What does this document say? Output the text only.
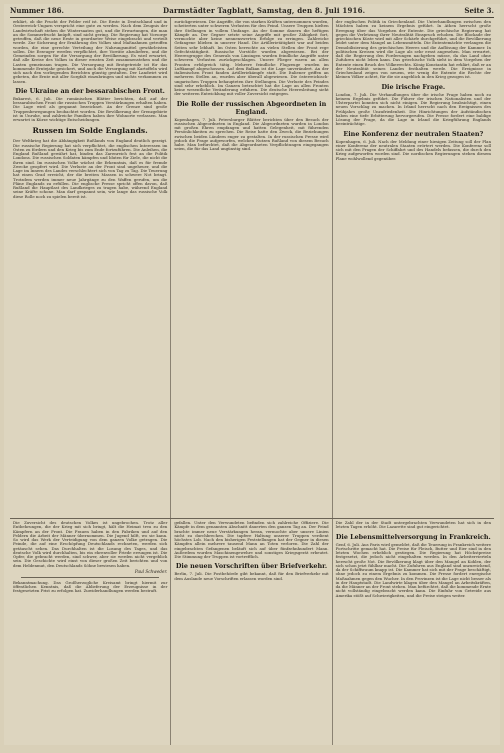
Nummer 186.	Darmstädter Tagblatt, Samstag, den 8. Juli 1916.	Seite 3.

erklärt, ob die Frucht der Felder reif ist. Die Ernte in Deutschland und in Oesterreich-Ungarn verspricht eine gute zu werden. Nach dem Zeugnis der Landwirtschaft stehen die Wintersaaten gut, und die Erwartungen, die man an die Sommerfrucht knüpft, sind nicht gering. Die Regierung hat Vorsorge getroffen, daß die neue Ernte in geordneter Weise eingebracht und verteilt werde. Zur Sicherung der Ernährung des Volkes sind Maßnahmen getroffen worden, die eine gerechte Verteilung der Nahrungsmittel gewährleisten sollen. Die Erzeuger werden verpflichtet, ihre Vorräte abzuliefern, und die Gemeinden sorgen für die Versorgung der Bevölkerung. Es wird erwartet, daß alle Kreise des Volkes in dieser ernsten Zeit zusammenstehen und die Lasten gemeinsam tragen. Die Versorgung mit Brotgetreide ist für das kommende Erntejahr gesichert, und auch die Versorgung mit Kartoffeln wird sich nach den vorliegenden Berichten günstig gestalten. Der Landwirt wird gebeten, die Ernte mit aller Sorgfalt einzubringen und nichts verkommen zu lassen.

Die Ukraine an der bessarabischen Front.

Bukarest, 6. Juli. Die rumänischen Blätter berichten, daß auf der bessarabischen Front die russischen Truppen Verstärkungen erhalten haben. Die Lage wird als gespannt bezeichnet. An der Grenze sind große Truppenbewegungen beobachtet worden. Die Bevölkerung der Grenzgebiete ist in Unruhe, und zahlreiche Familien haben ihre Wohnorte verlassen. Man erwartet in Kürze wichtige Entscheidungen.

Russen im Solde Englands.

Der Weltkrieg hat die Abhängigkeit Rußlands von England deutlich gezeigt. Die russische Regierung hat sich verpflichtet, die englischen Interessen im Osten zu fördern und den Krieg bis zum Ende fortzuführen. Die Anleihen, die England Rußland gewährt hat, binden das Zarenreich fest an die Politik Londons. Die russischen Soldaten kämpfen und bluten für Ziele, die nicht die ihren sind. Im russischen Volke wächst die Erkenntnis, daß es für fremde Zwecke geopfert wird. Die Verluste an der Front sind ungeheuer, und die Lage im Innern des Landes verschlechtert sich von Tag zu Tag. Die Teuerung hat einen Grad erreicht, der die breiten Massen in schwere Not bringt. Trotzdem werden immer neue Jahrgänge zu den Waffen gerufen, um die Pläne Englands zu erfüllen. Die englische Presse spricht offen davon, daß Rußland die Hauptlast des Landkrieges zu tragen habe, während England seine Kräfte schone. Man darf gespannt sein, wie lange das russische Volk diese Rolle noch zu spielen bereit ist.

zurückgewiesen. Die Angriffe, die von starken Kräften unternommen wurden, scheiterten unter schweren Verlusten für den Feind. Unsere Truppen hielten ihre Stellungen in vollem Umfange. An der Somme dauern die heftigen Kämpfe an. Der Gegner setzte seine Angriffe mit großer Zähigkeit fort, vermochte aber keine nennenswerten Erfolge zu erringen. Zahlreiche Gefangene blieben in unserer Hand. Die Artillerietätigkeit war auf beiden Seiten sehr lebhaft. Im Osten herrschte an vielen Stellen der Front rege Gefechtstätigkeit. Russische Vorstöße wurden abgewiesen. Bei der Heeresgruppe des Generals von Linsingen wurden feindliche Angriffe unter schweren Verlusten zurückgeschlagen. Unsere Flieger waren an allen Fronten erfolgreich tätig. Mehrere feindliche Flugzeuge wurden im Luftkampf abgeschossen. Auf dem Balkan ist die Lage unverändert. An der italienischen Front fanden Artilleriekämpfe statt. Die Italiener griffen an mehreren Stellen an, wurden aber überall abgewiesen. Die österreichisch-ungarischen Truppen behaupteten ihre Stellungen. Die Verluste des Feindes sind sehr erheblich. Im Ganzen betrachtet hat die Lage an allen Fronten keine wesentliche Veränderung erfahren. Die deutsche Heeresleitung sieht der weiteren Entwicklung mit voller Zuversicht entgegen.

Die Rolle der russischen Abgeordneten in England.

Kopenhagen, 7. Juli. Petersburger Blätter berichten über den Besuch der russischen Abgeordneten in England. Die Abgeordneten wurden in London mit großen Ehren empfangen und hatten Gelegenheit, mit führenden Persönlichkeiten zu sprechen. Die Reise hatte den Zweck, die Beziehungen zwischen beiden Ländern enger zu gestalten. In der russischen Presse wird jedoch die Frage aufgeworfen, welchen Nutzen Rußland von diesem Besuch habe. Man befürchtet, daß die Abgeordneten Verpflichtungen eingegangen seien, die für das Land ungünstig sind.

der englischen Politik in Griechenland. Die Unterhandlungen zwischen den Mächten haben zu keinem Ergebnis geführt. In Athen herrscht große Erregung über das Vorgehen der Entente. Die griechische Regierung hat gegen die Verletzung ihrer Neutralität Einspruch erhoben. Die Blockade der griechischen Küste wird mit aller Schärfe durchgeführt, und die Bevölkerung leidet unter dem Mangel an Lebensmitteln. Die Ententemächte verlangen die Demobilisierung des griechischen Heeres und die Auflösung der Kammer. In politischen Kreisen wird die Lage als sehr ernst angesehen. Man erwartet, daß die Regierung den Forderungen nachgeben müsse, da das Land ohne Zufuhren nicht leben kann. Das griechische Volk sieht in dem Vorgehen der Entente einen Bruch des Völkerrechts. König Konstantin hat erklärt, daß er an der Neutralität seines Landes festhalten werde. Die Ereignisse in Griechenland zeigen von neuem, wie wenig die Entente die Rechte der kleinen Völker achtet, für die sie angeblich in den Krieg gezogen ist.

Die irische Frage.

London, 7. Juli. Die Verhandlungen über die irische Frage haben noch zu keinem Ergebnis geführt. Die Führer der irischen Nationalisten und der Ulsterpartei konnten sich nicht einigen. Die Regierung beabsichtigt, einen neuen Vorschlag zu machen. In Irland herrscht nach den Ereignissen des Frühjahrs große Unzufriedenheit. Die Hinrichtungen der Aufständischen haben eine tiefe Erbitterung hervorgerufen. Die Presse fordert eine baldige Lösung der Frage, da die Lage in Irland die Kriegführung Englands beeinträchtige.

Eine Konferenz der neutralen Staaten?

Kopenhagen, 6. Juli. Nach der Meldung einer hiesigen Zeitung soll der Plan einer Konferenz der neutralen Staaten erörtert werden. Die Konferenz soll sich mit den Fragen der Schiffahrt und des Handels befassen, die durch den Krieg aufgeworfen worden sind. Die nordischen Regierungen stehen diesem Plane wohlwollend gegenüber.

Die Zuversicht des deutschen Volkes ist ungebrochen. Trotz aller Entbehrungen, die der Krieg mit sich bringt, hält die Heimat treu zu den Kämpfern an der Front. Die Frauen haben in den Fabriken und auf den Feldern die Arbeit der Männer übernommen. Die Jugend hilft, wo sie kann. So wird das Werk der Verteidigung von dem ganzen Volke getragen. Die Feinde, die auf eine Erschöpfung Deutschlands rechneten, werden sich getäuscht sehen. Das Durchhalten ist die Losung des Tages, und das deutsche Volk wird durchhalten, bis ein ehrenvoller Friede errungen ist. Die Opfer, die gebracht werden, sind schwer, aber sie werden nicht vergeblich sein. Die Geschichte wird einst von dieser großen Zeit berichten und von dem Heldenmut, den Deutschlands Söhne bewiesen haben.

Paul Schweder.

Bekanntmachung. Das Großherzogliche Kreisamt bringt hiermit zur öffentlichen Kenntnis, daß die Ablieferung der Erzeugnisse in der festgesetzten Frist zu erfolgen hat. Zuwiderhandlungen werden bestraft.

gefallen. Unter den Verwundeten befinden sich zahlreiche Offiziere. Die Kämpfe in dem genannten Abschnitt dauerten den ganzen Tag an. Der Feind brachte immer neue Verstärkungen heran, vermochte aber unsere Linien nicht zu durchbrechen. Die tapfere Haltung unserer Truppen verdient höchstes Lob. Nach den bisherigen Feststellungen hat der Gegner in diesen Kämpfen allein mehrere tausend Mann an Toten verloren. Die Zahl der eingebrachten Gefangenen beläuft sich auf über fünfzehnhundert Mann. Außerdem wurden Maschinengewehre und sonstiges Kriegsgerät erbeutet. Die Stimmung der Truppen ist vortrefflich.

Die neuen Vorschriften über Briefverkehr.

Berlin, 7. Juli. Die Postbehörde gibt bekannt, daß für den Briefverkehr mit dem Auslande neue Vorschriften erlassen worden sind.

Die Zahl der in der Stadt untergebrachten Verwundeten hat sich in den letzten Tagen erhöht. Die Lazarette sind gut eingerichtet.

Die Lebensmittelversorgung in Frankreich.

Genf, 6. Juli. Aus Paris wird gemeldet, daß die Teuerung in Frankreich weitere Fortschritte gemacht hat. Die Preise für Fleisch, Butter und Eier sind in den letzten Wochen erheblich gestiegen. Die Regierung hat Höchstpreise festgesetzt, die jedoch nicht eingehalten werden. In den Arbeitervierteln herrscht große Not. Die Bevölkerung klagt über den Mangel an Kohlen, der sich schon jetzt fühlbar macht. Die Zufuhren aus England sind unzureichend, da der Schiffsraum knapp ist. Die Kammer hat sich mit der Frage beschäftigt, ohne jedoch zu einem Ergebnis zu kommen. Die Presse fordert energische Maßnahmen gegen den Wucher. In den Provinzen ist die Lage nicht besser als in der Hauptstadt. Die Landwirte klagen über den Mangel an Arbeitskräften, da die Männer an der Front stehen. Man befürchtet, daß die kommende Ernte nicht vollständig eingebracht werden kann. Die Einfuhr von Getreide aus Amerika stößt auf Schwierigkeiten, und die Preise steigen weiter.
